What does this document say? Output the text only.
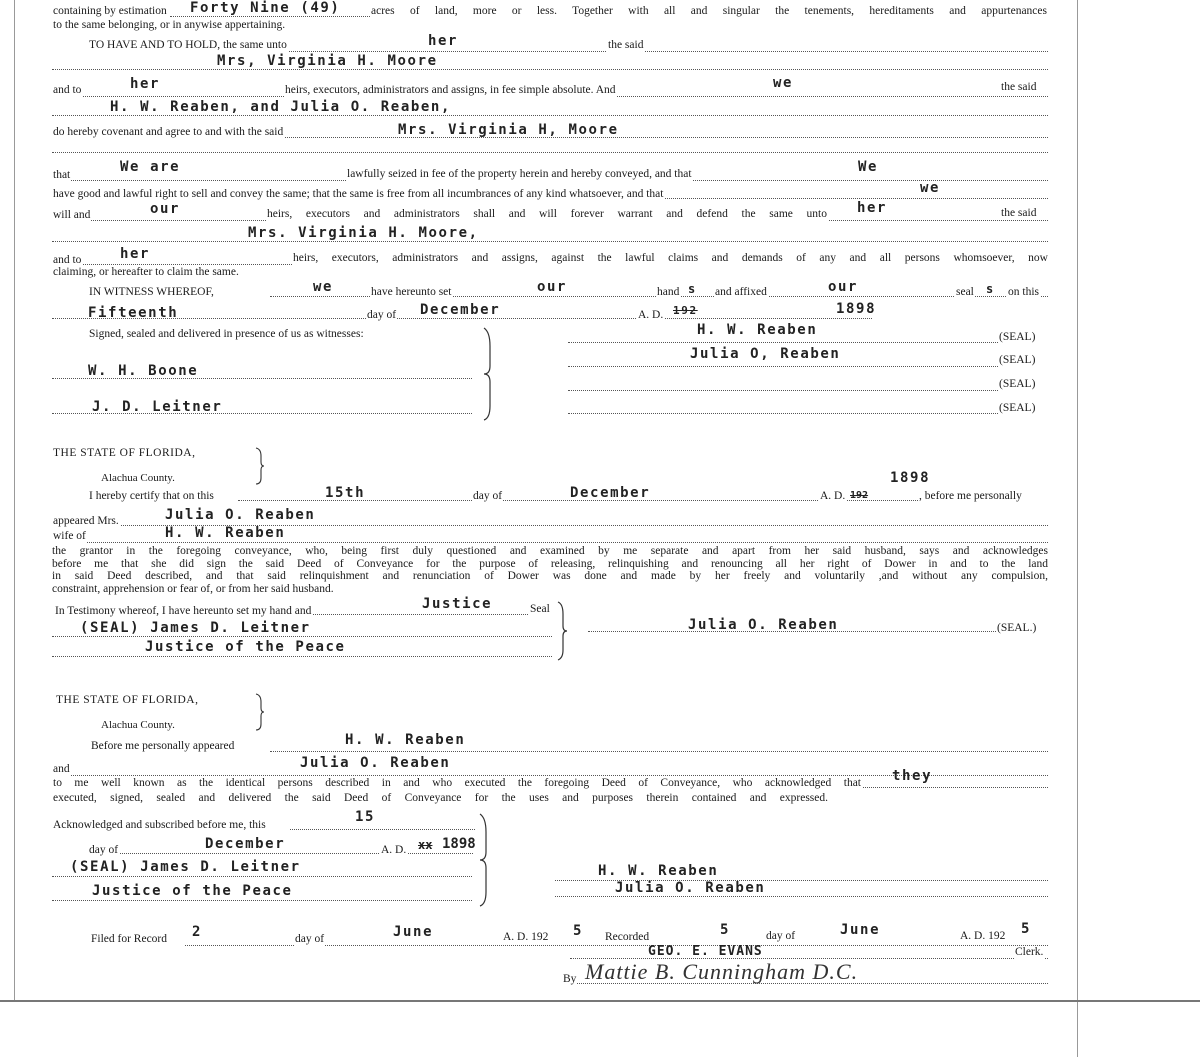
containing by estimation Forty Nine (49)	acres of land, more or less. Together with all and singular the tenements, hereditaments and appurtenances
to the same belonging, or in anywise appertaining.
TO HAVE AND TO HOLD, the same unto	her	the said
Mrs, Virginia H. Moore
and to	her	heirs, executors, administrators and assigns, in fee simple absolute. And	we	the said
H. W. Reaben, and Julia O. Reaben,
do hereby covenant and agree to and with the said	Mrs. Virginia H, Moore
that	We are	lawfully seized in fee of the property herein and hereby conveyed, and that	We
have good and lawful right to sell and convey the same; that the same is free from all incumbrances of any kind whatsoever, and that	we
will and	our	heirs, executors and administrators shall and will forever warrant and defend the same unto her	the said
Mrs. Virginia H. Moore,
and to	her	heirs, executors, administrators and assigns, against the lawful claims and demands of any and all persons whomsoever, now
claiming, or hereafter to claim the same.
IN WITNESS WHEREOF,	we	have hereunto set	our	hand s and affixed	our	seal s on this
Fifteenth	day of December	A. D. 192	1898
Signed, sealed and delivered in presence of us as witnesses:
W. H. Boone
J. D. Leitner
H. W. Reaben	(SEAL)
Julia O, Reaben	(SEAL)
(SEAL)
(SEAL)
THE STATE OF FLORIDA,
Alachua County.	1898
I hereby certify that on this	15th	day of	December	A. D. 192	, before me personally
appeared Mrs.	Julia O. Reaben
wife of	H. W. Reaben
the grantor in the foregoing conveyance, who, being first duly questioned and examined by me separate and apart from her said husband, says and acknowledges
before me that she did sign the said Deed of Conveyance for the purpose of releasing, relinquishing and renouncing all her right of Dower in and to the land
in said Deed described, and that said relinquishment and renunciation of Dower was done and made by her freely and voluntarily ,and without any compulsion,
constraint, apprehension or fear of, or from her said husband.
In Testimony whereof, I have hereunto set my hand and	Justice	Seal
(SEAL) James D. Leitner
Justice of the Peace
Julia O. Reaben	(SEAL.)
THE STATE OF FLORIDA,
Alachua County.
Before me personally appeared	H. W. Reaben
and	Julia O. Reaben
to me well known as the identical persons described in and who executed the foregoing Deed of Conveyance, who acknowledged that they
executed, signed, sealed and delivered the said Deed of Conveyance for the uses and purposes therein contained and expressed.
Acknowledged and subscribed before me, this	15
day of	December	A. D. xx 1898
(SEAL) James D. Leitner
Justice of the Peace
H. W. Reaben
Julia O. Reaben
Filed for Record 2	day of	June	A. D. 192 5 Recorded	5	day of	June	A. D. 192 5
GEO. E. EVANS	Clerk.
By Mattie B. Cunningham D.C.
